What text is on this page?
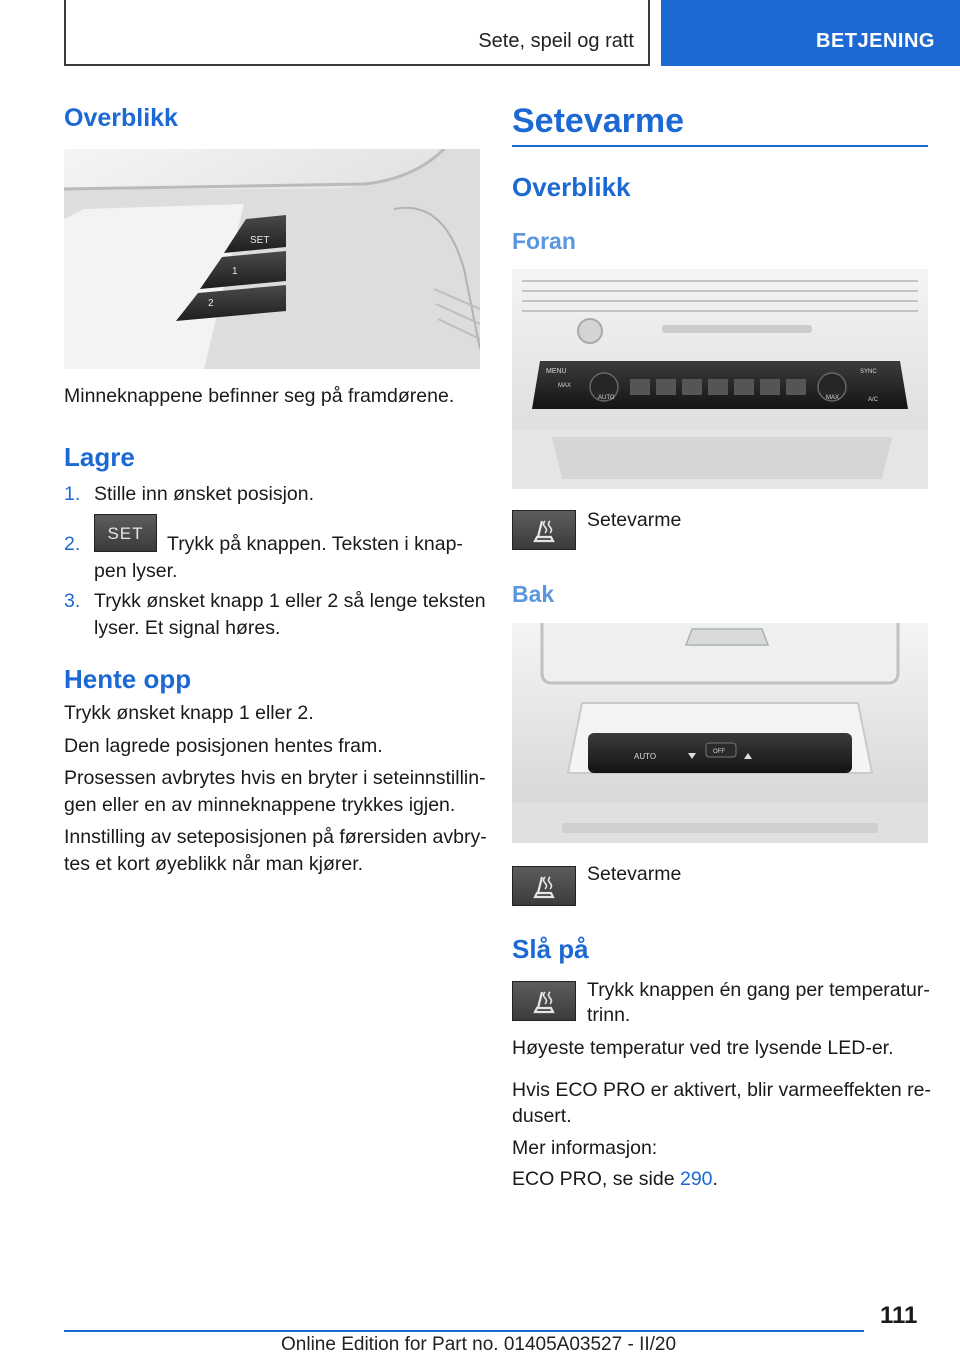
Sete, speil og ratt	BETJENING
Overblikk
SET
1
2
Minneknappene befinner seg på framdørene.
Lagre
1. Stille inn ønsket posisjon.
2.	SET	Trykk på knappen. Teksten i knap-
pen lyser.
3. Trykk ønsket knapp 1 eller 2 så lenge teksten
lyser. Et signal høres.
Hente opp
Trykk ønsket knapp 1 eller 2.
Den lagrede posisjonen hentes fram.
Prosessen avbrytes hvis en bryter i seteinnstillin-
gen eller en av minneknappene trykkes igjen.
Innstilling av seteposisjonen på førersiden avbry-
tes et kort øyeblikk når man kjører.
Setevarme
Overblikk
Foran
MENU
MAX
AUTO	MAX
SYNC
A/C
Setevarme
Bak
AUTO	OFF
Setevarme
Slå på
Trykk knappen én gang per temperatur-
trinn.
Høyeste temperatur ved tre lysende LED-er.
Hvis ECO PRO er aktivert, blir varmeeffekten re-
dusert.
Mer informasjon:
ECO PRO, se side 290.
111
Online Edition for Part no. 01405A03527 - II/20
